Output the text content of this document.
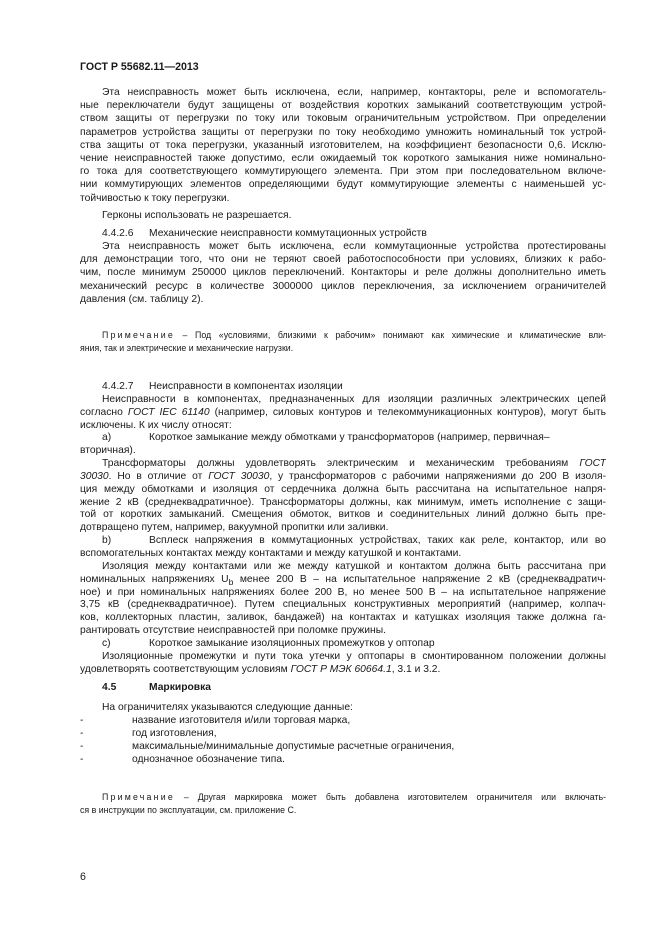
ГОСТ Р 55682.11—2013
Эта неисправность может быть исключена, если, например, контакторы, реле и вспомогатель-
ные переключатели будут защищены от воздействия коротких замыканий соответствующим устрой-
ством защиты от перегрузки по току или токовым ограничительным устройством. При определении
параметров устройства защиты от перегрузки по току необходимо умножить номинальный ток устрой-
ства защиты от тока перегрузки, указанный изготовителем, на коэффициент безопасности 0,6. Исклю-
чение неисправностей также допустимо, если ожидаемый ток короткого замыкания ниже номинально-
го тока для соответствующего коммутирующего элемента. При этом при последовательном включе-
нии коммутирующих элементов определяющими будут коммутирующие элементы с наименьшей ус-
тойчивостью к току перегрузки.
Герконы использовать не разрешается.
4.4.2.6 Механические неисправности коммутационных устройств
Эта неисправность может быть исключена, если коммутационные устройства протестированы
для демонстрации того, что они не теряют своей работоспособности при условиях, близких к рабо-
чим, после минимум 250000 циклов переключений. Контакторы и реле должны дополнительно иметь
механический ресурс в количестве 3000000 циклов переключения, за исключением ограничителей
давления (см. таблицу 2).
Примечание – Под «условиями, близкими к рабочим» понимают как химические и климатические вли-
яния, так и электрические и механические нагрузки.
4.4.2.7 Неисправности в компонентах изоляции
Неисправности в компонентах, предназначенных для изоляции различных электрических цепей
согласно ГОСТ IEC 61140 (например, силовых контуров и телекоммуникационных контуров), могут быть
исключены. К их числу относят:
a)	Короткое замыкание между обмотками у трансформаторов (например, первичная–
вторичная).
Трансформаторы должны удовлетворять электрическим и механическим требованиям ГОСТ
30030. Но в отличие от ГОСТ 30030, у трансформаторов с рабочими напряжениями до 200 В изоля-
ция между обмотками и изоляция от сердечника должна быть рассчитана на испытательное напря-
жение 2 кВ (среднеквадратичное). Трансформаторы должны, как минимум, иметь исполнение с защи-
той от коротких замыканий. Смещения обмоток, витков и соединительных линий должно быть пре-
дотвращено путем, например, вакуумной пропитки или заливки.
b)	Всплеск напряжения в коммутационных устройствах, таких как реле, контактор, или во
вспомогательных контактах между контактами и между катушкой и контактами.
Изоляция между контактами или же между катушкой и контактом должна быть рассчитана при
номинальных напряжениях $U_b$ менее 200 В – на испытательное напряжение 2 кВ (среднеквадратич-
ное) и при номинальных напряжениях более 200 В, но менее 500 В – на испытательное напряжение
3,75 кВ (среднеквадратичное). Путем специальных конструктивных мероприятий (например, колпач-
ков, коллекторных пластин, заливок, бандажей) на контактах и катушках изоляция также должна га-
рантировать отсутствие неисправностей при поломке пружины.
c)	Короткое замыкание изоляционных промежутков у оптопар
Изоляционные промежутки и пути тока утечки у оптопары в смонтированном положении должны
удовлетворять соответствующим условиям ГОСТ Р МЭК 60664.1, 3.1 и 3.2.
4.5	Маркировка
На ограничителях указываются следующие данные:
-	название изготовителя и/или торговая марка,
-	год изготовления,
-	максимальные/минимальные допустимые расчетные ограничения,
-	однозначное обозначение типа.
Примечание – Другая маркировка может быть добавлена изготовителем ограничителя или включать-
ся в инструкции по эксплуатации, см. приложение С.
6
